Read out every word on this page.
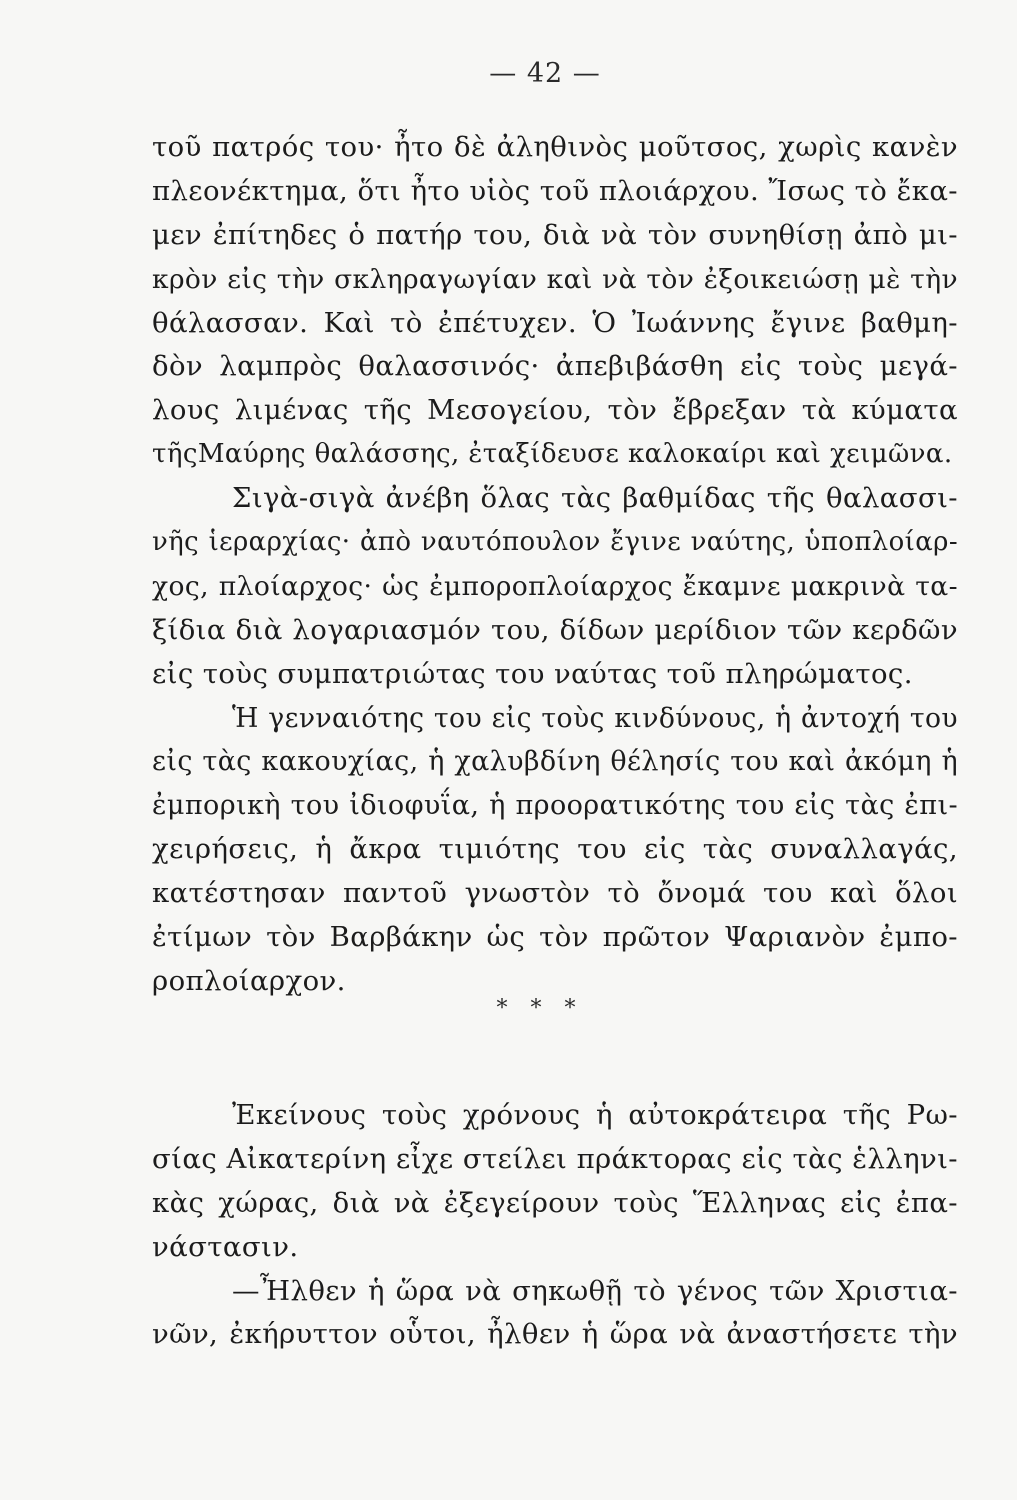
— 42 —
τοῦ πατρός του· ἦτο δὲ ἀληθινὸς μοῦτσος, χωρὶς κανὲν
πλεονέκτημα, ὅτι ἦτο υἱὸς τοῦ πλοιάρχου. Ἴσως τὸ ἔκα-
μεν ἐπίτηδες ὁ πατήρ του, διὰ νὰ τὸν συνηθίσῃ ἀπὸ μι-
κρὸν εἰς τὴν σκληραγωγίαν καὶ νὰ τὸν ἐξοικειώσῃ μὲ τὴν
θάλασσαν. Καὶ τὸ ἐπέτυχεν. Ὁ Ἰωάννης ἔγινε βαθμη-
δὸν λαμπρὸς θαλασσινός· ἀπεβιβάσθη εἰς τοὺς μεγά-
λους λιμένας τῆς Μεσογείου, τὸν ἔβρεξαν τὰ κύματα
τῆςΜαύρης θαλάσσης, ἐταξίδευσε καλοκαίρι καὶ χειμῶνα.
Σιγὰ-σιγὰ ἀνέβη ὅλας τὰς βαθμίδας τῆς θαλασσι-
νῆς ἱεραρχίας· ἀπὸ ναυτόπουλον ἔγινε ναύτης, ὑποπλοίαρ-
χος, πλοίαρχος· ὡς ἐμποροπλοίαρχος ἔκαμνε μακρινὰ τα-
ξίδια διὰ λογαριασμόν του, δίδων μερίδιον τῶν κερδῶν
εἰς τοὺς συμπατριώτας του ναύτας τοῦ πληρώματος.
Ἡ γενναιότης του εἰς τοὺς κινδύνους, ἡ ἀντοχή του
εἰς τὰς κακουχίας, ἡ χαλυβδίνη θέλησίς του καὶ ἀκόμη ἡ
ἐμπορικὴ του ἰδιοφυΐα, ἡ προορατικότης του εἰς τὰς ἐπι-
χειρήσεις, ἡ ἄκρα τιμιότης του εἰς τὰς συναλλαγάς,
κατέστησαν παντοῦ γνωστὸν τὸ ὄνομά του καὶ ὅλοι
ἐτίμων τὸν Βαρβάκην ὡς τὸν πρῶτον Ψαριανὸν ἐμπο-
ροπλοίαρχον.
* * *
Ἐκείνους τοὺς χρόνους ἡ αὐτοκράτειρα τῆς Ρω-
σίας Αἰκατερίνη εἶχε στείλει πράκτορας εἰς τὰς ἑλληνι-
κὰς χώρας, διὰ νὰ ἐξεγείρουν τοὺς Ἕλληνας εἰς ἐπα-
νάστασιν.
—Ἦλθεν ἡ ὥρα νὰ σηκωθῇ τὸ γένος τῶν Χριστια-
νῶν, ἐκήρυττον οὗτοι, ἦλθεν ἡ ὥρα νὰ ἀναστήσετε τὴν
